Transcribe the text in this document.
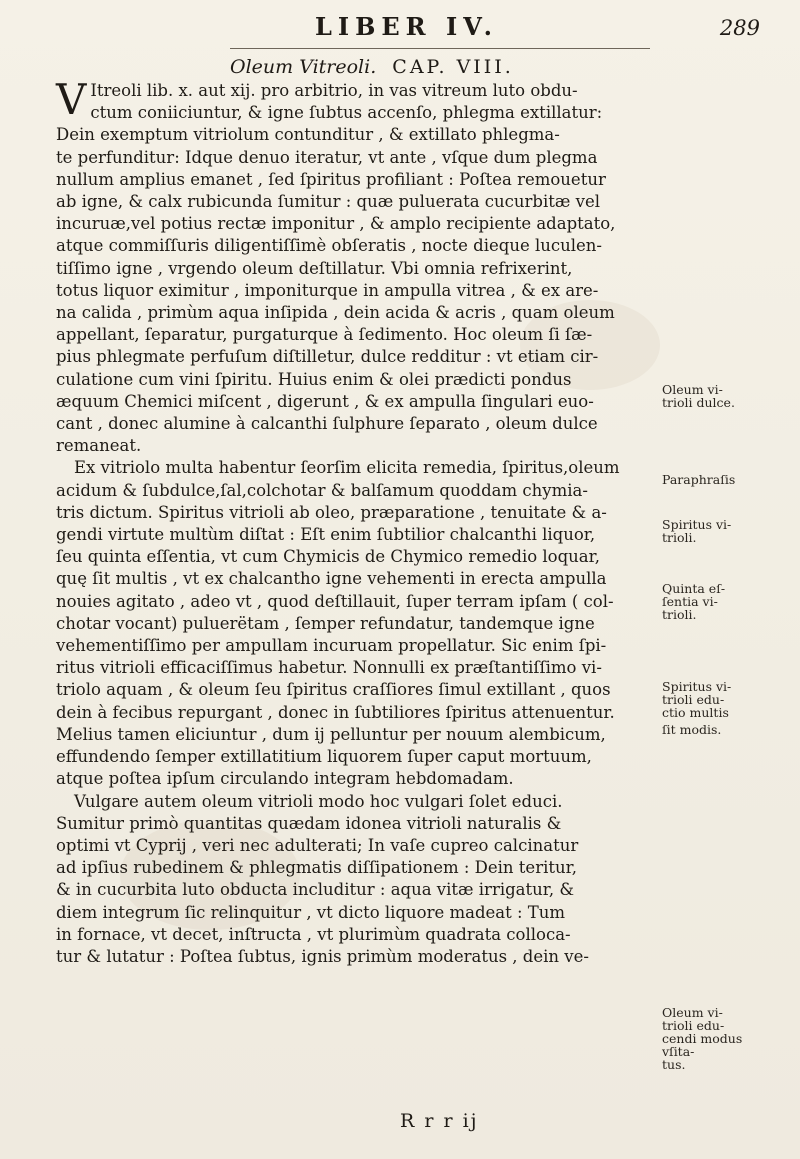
LIBER IV.	289
Oleum Vitreoli. CAP. VIII.
V Itreoli lib. x. aut xij. pro arbitrio, in vas vitreum luto obdu-
ctum coniiciuntur, & igne ſubtus accenſo, phlegma extillatur:
Dein exemptum vitriolum contunditur , & extillato phlegma-
te perfunditur: Idque denuo iteratur, vt ante , vſque dum plegma
nullum amplius emanet , ſed ſpiritus profiliant : Poſtea remouetur
ab igne, & calx rubicunda ſumitur : quæ puluerata cucurbitæ vel
incuruæ,vel potius rectæ imponitur , & amplo recipiente adaptato,
atque commiſſuris diligentiſſimè obſeratis , nocte dieque luculen-
tiſſimo igne , vrgendo oleum deſtillatur. Vbi omnia refrixerint,
totus liquor eximitur , imponiturque in ampulla vitrea , & ex are-
na calida , primùm aqua inſipida , dein acida & acris , quam oleum
appellant, ſeparatur, purgaturque à ſedimento. Hoc oleum ſi ſæ-
pius phlegmate perfuſum diſtilletur, dulce redditur : vt etiam cir-
culatione cum vini ſpiritu. Huius enim & olei prædicti pondus
æquum Chemici miſcent , digerunt , & ex ampulla ſingulari euo-
cant , donec alumine à calcanthi ſulphure ſeparato , oleum dulce
remaneat.
Ex vitriolo multa habentur ſeorſim elicita remedia, ſpiritus,oleum
acidum & ſubdulce,ſal,colchotar & balſamum quoddam chymia-
tris dictum. Spiritus vitrioli ab oleo, præparatione , tenuitate & a-
gendi virtute multùm diſtat : Eſt enim ſubtilior chalcanthi liquor,
ſeu quinta eſſentia, vt cum Chymicis de Chymico remedio loquar,
quę ſit multis , vt ex chalcantho igne vehementi in erecta ampulla
nouies agitato , adeo vt , quod deſtillauit, ſuper terram ipſam ( col-
chotar vocant) puluerëtam , ſemper refundatur, tandemque igne
vehementiſſimo per ampullam incuruam propellatur. Sic enim ſpi-
ritus vitrioli efficaciſſimus habetur. Nonnulli ex præſtantiſſimo vi-
triolo aquam , & oleum ſeu ſpiritus craſſiores ſimul extillant , quos
dein à fecibus repurgant , donec in ſubtiliores ſpiritus attenuentur.
Melius tamen eliciuntur , dum ij pelluntur per nouum alembicum,
effundendo ſemper extillatitium liquorem ſuper caput mortuum,
atque poſtea ipſum circulando integram hebdomadam.
Vulgare autem oleum vitrioli modo hoc vulgari ſolet educi.
Sumitur primò quantitas quædam idonea vitrioli naturalis &
optimi vt Cyprij , veri nec adulterati; In vaſe cupreo calcinatur
ad ipſius rubedinem & phlegmatis diſſipationem : Dein teritur,
& in cucurbita luto obducta includitur : aqua vitæ irrigatur, &
diem integrum ſic relinquitur , vt dicto liquore madeat : Tum
in fornace, vt decet, inſtructa , vt plurimùm quadrata colloca-
tur & lutatur : Poſtea ſubtus, ignis primùm moderatus , dein ve-
Oleum vi-
trioli dulce.
Paraphraſis
Spiritus vi-
trioli.
Quinta eſ-
ſentia vi-
trioli.
Spiritus vi-
trioli edu-
ctio multis
ſit modis.
Oleum vi-
trioli edu-
cendi modus vſita-
tus.
R r r ij
